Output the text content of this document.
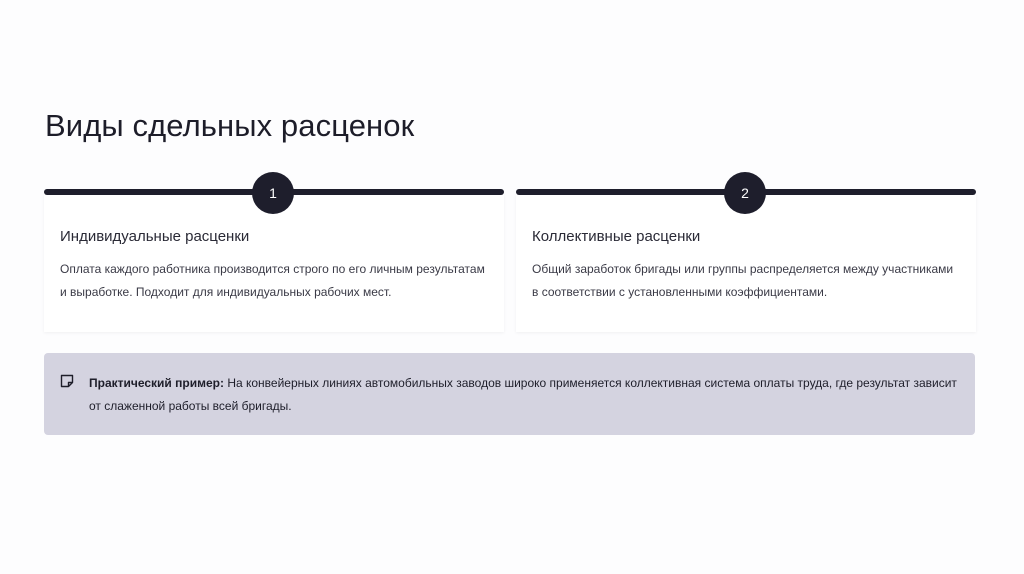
Виды сдельных расценок
1
Индивидуальные расценки
Оплата каждого работника производится строго по его личным результатам и выработке. Подходит для индивидуальных рабочих мест.
2
Коллективные расценки
Общий заработок бригады или группы распределяется между участниками в соответствии с установленными коэффициентами.
Практический пример: На конвейерных линиях автомобильных заводов широко применяется коллективная система оплаты труда, где результат зависит от слаженной работы всей бригады.
